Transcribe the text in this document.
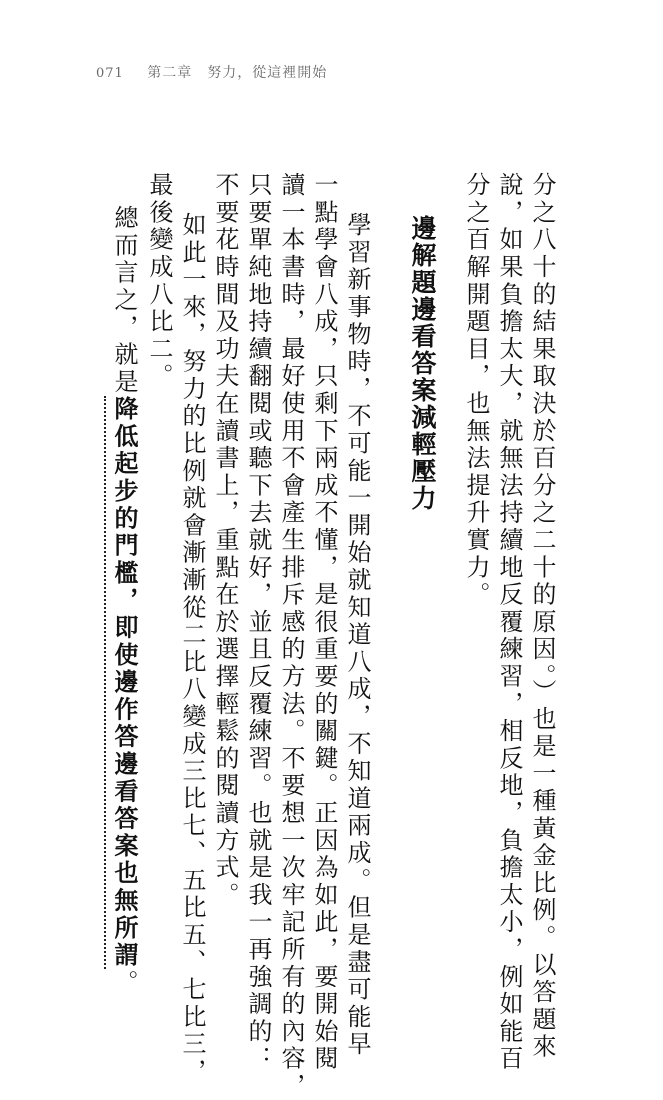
071 第二章　努力，從這裡開始
分之八十的結果取決於百分之二十的原因。）也是一種黃金比例。以答題來
說，如果負擔太大，就無法持續地反覆練習，相反地，負擔太小，例如能百
分之百解開題目，也無法提升實力。
邊解題邊看答案減輕壓力
學習新事物時，不可能一開始就知道八成，不知道兩成。但是盡可能早
一點學會八成，只剩下兩成不懂，是很重要的關鍵。正因為如此，要開始閱
讀一本書時，最好使用不會產生排斥感的方法。不要想一次牢記所有的內容，
只要單純地持續翻閱或聽下去就好，並且反覆練習。也就是我一再強調的：
不要花時間及功夫在讀書上，重點在於選擇輕鬆的閱讀方式。
如此一來，努力的比例就會漸漸從二比八變成三比七、五比五、七比三，
最後變成八比二。
總而言之，就是降低起步的門檻，即使邊作答邊看答案也無所謂。
